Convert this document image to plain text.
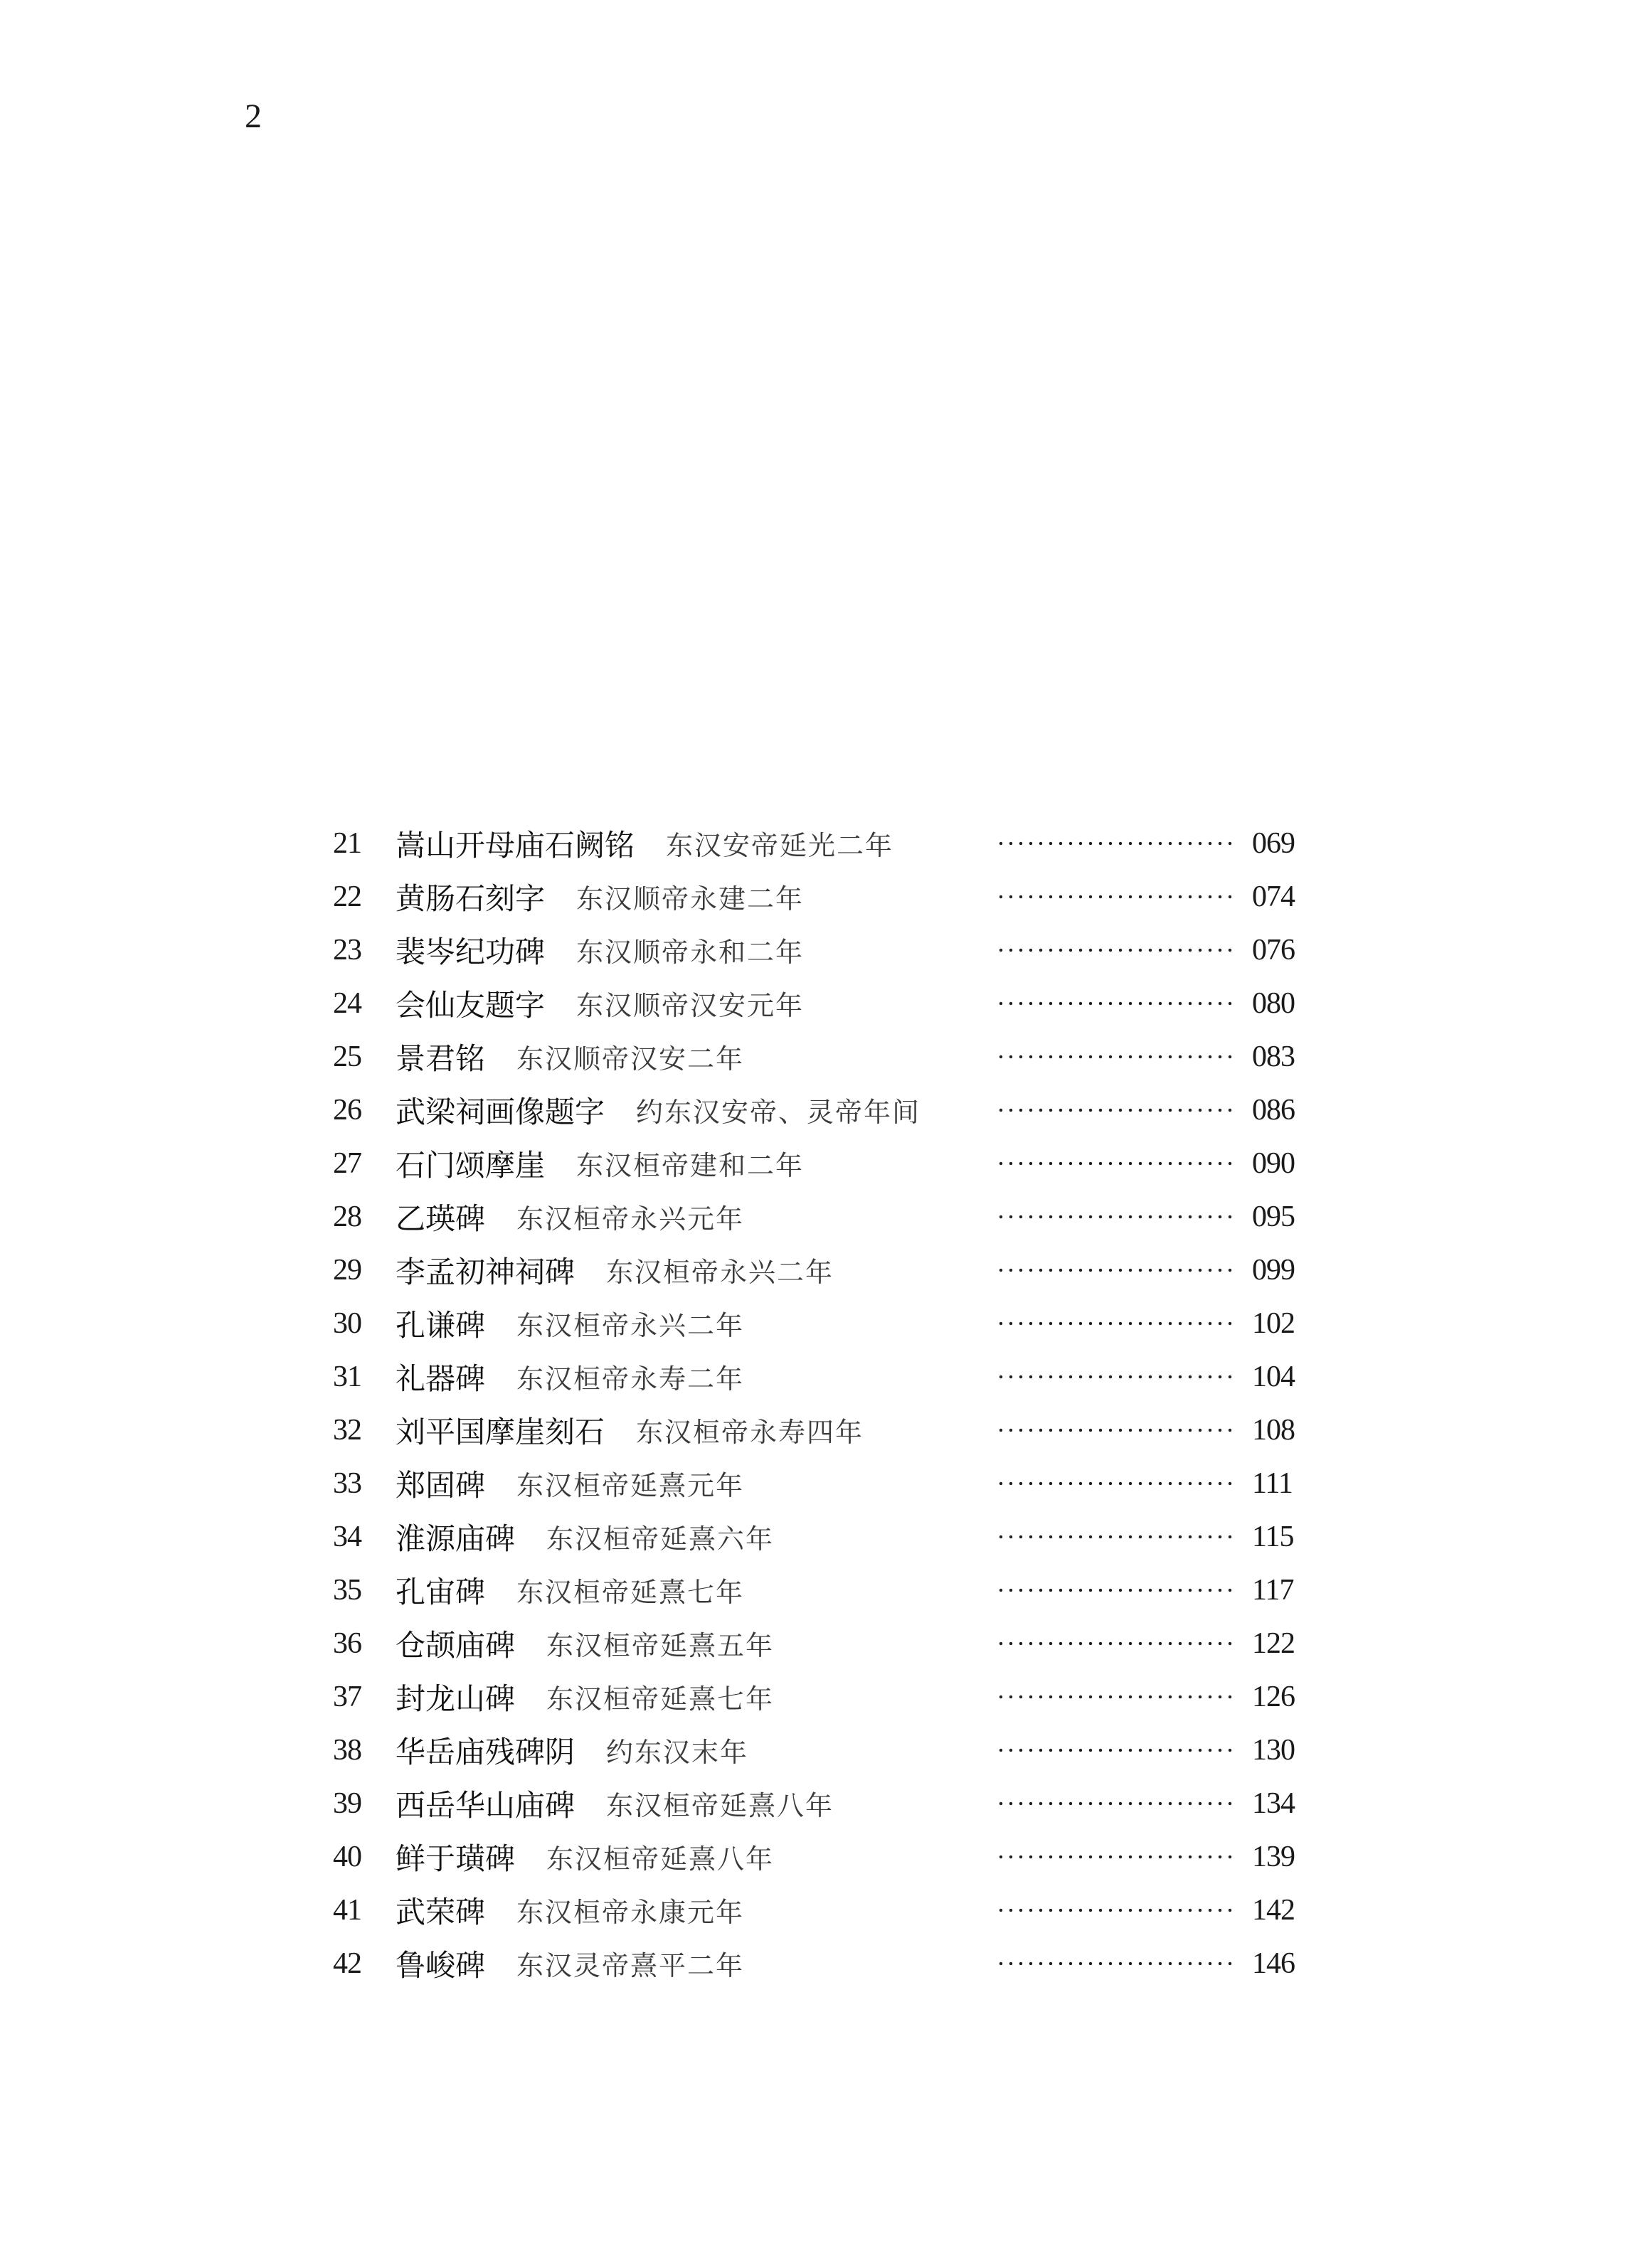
2
21	嵩山开母庙石阙铭 东汉安帝延光二年	069
22	黄肠石刻字 东汉顺帝永建二年	074
23	裴岑纪功碑 东汉顺帝永和二年	076
24	会仙友题字 东汉顺帝汉安元年	080
25	景君铭 东汉顺帝汉安二年	083
26	武梁祠画像题字 约东汉安帝、灵帝年间	086
27	石门颂摩崖 东汉桓帝建和二年	090
28	乙瑛碑 东汉桓帝永兴元年	095
29	李孟初神祠碑 东汉桓帝永兴二年	099
30	孔谦碑 东汉桓帝永兴二年	102
31	礼器碑 东汉桓帝永寿二年	104
32	刘平国摩崖刻石 东汉桓帝永寿四年	108
33	郑固碑 东汉桓帝延熹元年	111
34	淮源庙碑 东汉桓帝延熹六年	115
35	孔宙碑 东汉桓帝延熹七年	117
36	仓颉庙碑 东汉桓帝延熹五年	122
37	封龙山碑 东汉桓帝延熹七年	126
38	华岳庙残碑阴 约东汉末年	130
39	西岳华山庙碑 东汉桓帝延熹八年	134
40	鲜于璜碑 东汉桓帝延熹八年	139
41	武荣碑 东汉桓帝永康元年	142
42	鲁峻碑 东汉灵帝熹平二年	146
